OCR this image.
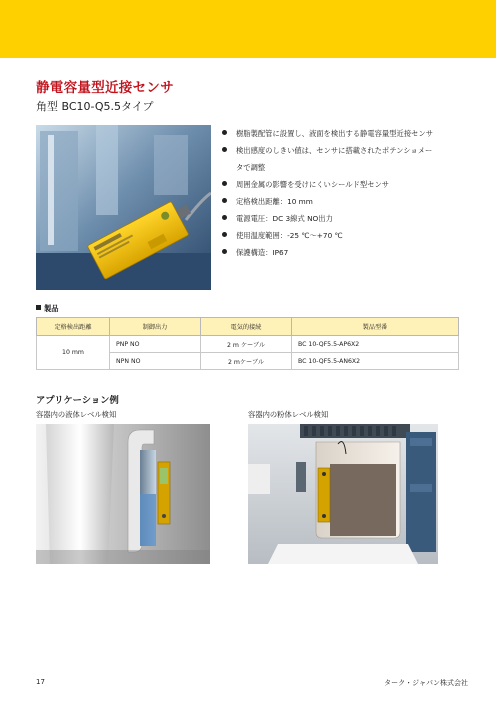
静電容量型近接センサ
角型 BC10-Q5.5タイプ
樹脂製配管に設置し、液面を検出する静電容量型近接センサ
検出感度のしきい値は、センサに搭載されたポテンショメー
タで調整
周囲金属の影響を受けにくいシールド型センサ
定格検出距離：10 mm
電源電圧：DC 3線式 NO出力
使用温度範囲：-25 ℃〜+70 ℃
保護構造：IP67
製品
定格検出距離	制御出力	電気的接続	製品型番
10 mm	PNP NO	2 m ケーブル	BC 10-QF5.5-AP6X2
	NPN NO	2 mケーブル	BC 10-QF5.5-AN6X2
アプリケーション例
容器内の液体レベル検知	容器内の粉体レベル検知
17	ターク・ジャパン株式会社
